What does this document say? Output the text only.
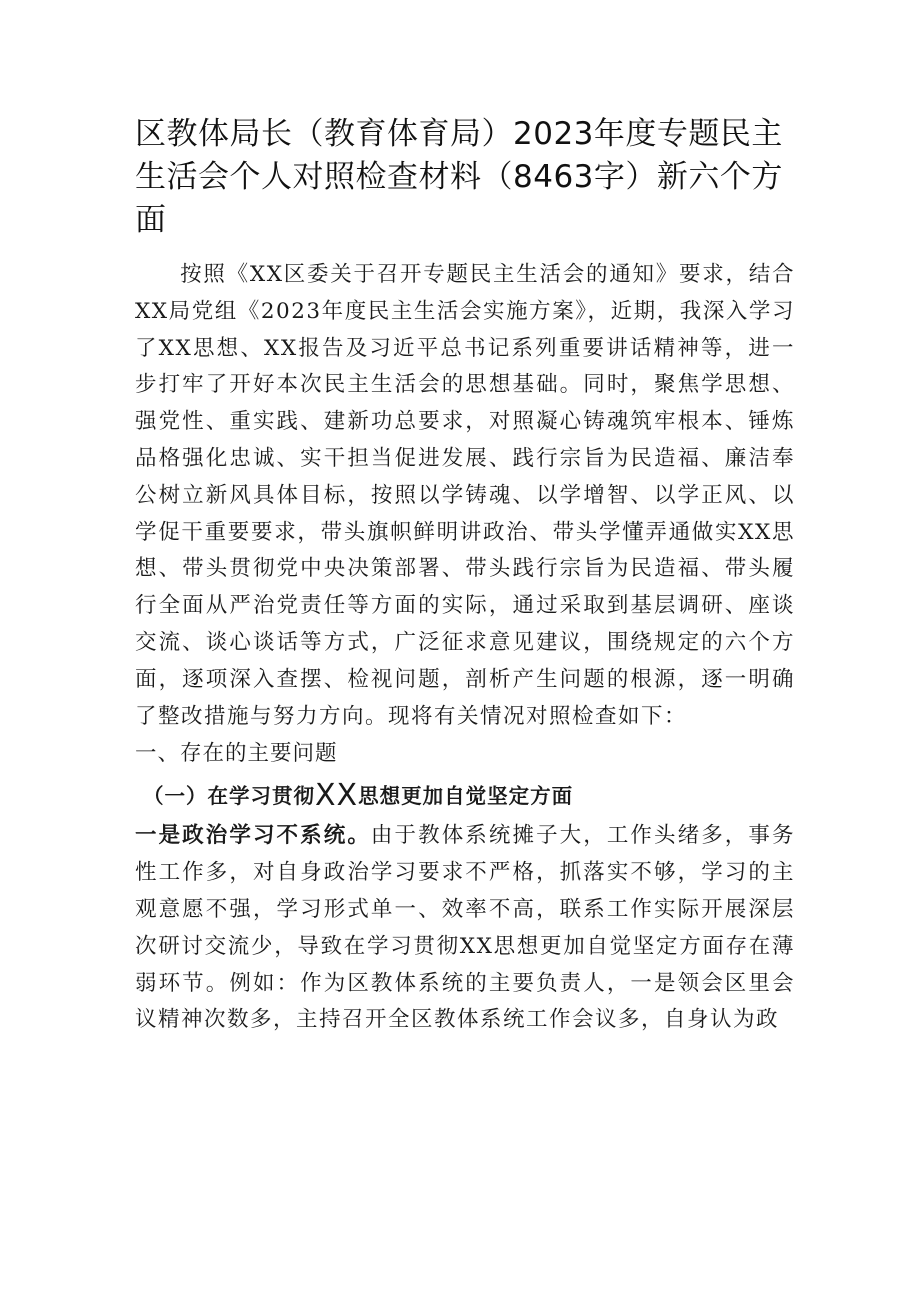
区教体局长（教育体育局）2023年度专题民主生活会个人对照检查材料（8463字）新六个方面

按照《XX区委关于召开专题民主生活会的通知》要求，结合XX局党组《2023年度民主生活会实施方案》，近期，我深入学习了XX思想、XX报告及习近平总书记系列重要讲话精神等，进一步打牢了开好本次民主生活会的思想基础。同时，聚焦学思想、强党性、重实践、建新功总要求，对照凝心铸魂筑牢根本、锤炼品格强化忠诚、实干担当促进发展、践行宗旨为民造福、廉洁奉公树立新风具体目标，按照以学铸魂、以学增智、以学正风、以学促干重要要求，带头旗帜鲜明讲政治、带头学懂弄通做实XX思想、带头贯彻党中央决策部署、带头践行宗旨为民造福、带头履行全面从严治党责任等方面的实际，通过采取到基层调研、座谈交流、谈心谈话等方式，广泛征求意见建议，围绕规定的六个方面，逐项深入查摆、检视问题，剖析产生问题的根源，逐一明确了整改措施与努力方向。现将有关情况对照检查如下：

一、存在的主要问题
（一）在学习贯彻XX思想更加自觉坚定方面

一是政治学习不系统。由于教体系统摊子大，工作头绪多，事务性工作多，对自身政治学习要求不严格，抓落实不够，学习的主观意愿不强，学习形式单一、效率不高，联系工作实际开展深层次研讨交流少，导致在学习贯彻XX思想更加自觉坚定方面存在薄弱环节。例如：作为区教体系统的主要负责人，一是领会区里会议精神次数多，主持召开全区教体系统工作会议多，自身认为政
